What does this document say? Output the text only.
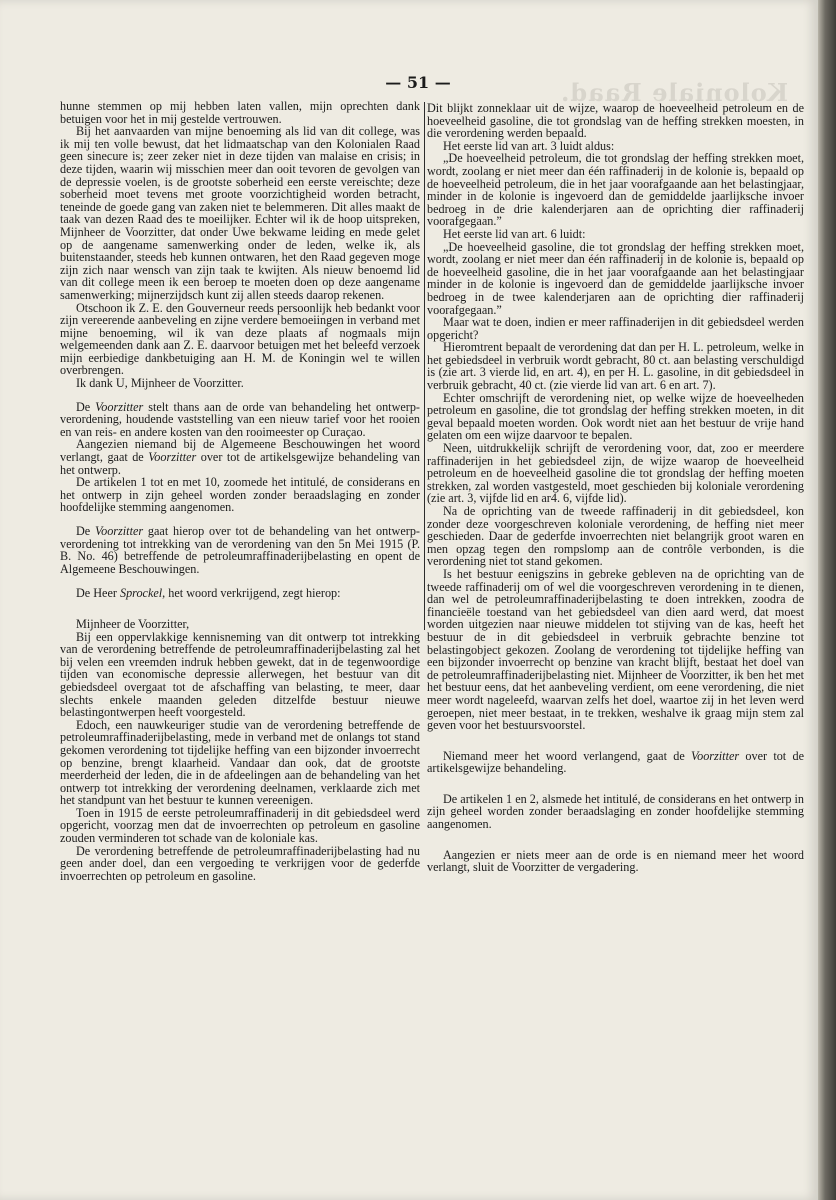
Koloniale Raad.
— 51 —

hunne stemmen op mij hebben laten vallen, mijn oprechten dank betuigen voor het in mij gestelde vertrouwen.

Bij het aanvaarden van mijne benoeming als lid van dit college, was ik mij ten volle bewust, dat het lidmaatschap van den Kolonialen Raad geen sinecure is; zeer zeker niet in deze tijden van malaise en crisis; in deze tijden, waarin wij misschien meer dan ooit tevoren de gevolgen van de depressie voelen, is de grootste soberheid een eerste vereischte; deze soberheid moet tevens met groote voorzichtigheid worden betracht, teneinde de goede gang van zaken niet te belemmeren. Dit alles maakt de taak van dezen Raad des te moeilijker. Echter wil ik de hoop uitspreken, Mijnheer de Voorzitter, dat onder Uwe bekwame leiding en mede gelet op de aangename samenwerking onder de leden, welke ik, als buitenstaander, steeds heb kunnen ontwaren, het den Raad gegeven moge zijn zich naar wensch van zijn taak te kwijten. Als nieuw benoemd lid van dit college meen ik een beroep te moeten doen op deze aangename samenwerking; mijnerzijdsch kunt zij allen steeds daarop rekenen.

Otschoon ik Z. E. den Gouverneur reeds persoonlijk heb bedankt voor zijn vereerende aanbeveling en zijne verdere bemoeiingen in verband met mijne benoeming, wil ik van deze plaats af nogmaals mijn welgemeenden dank aan Z. E. daarvoor betuigen met het beleefd verzoek mijn eerbiedige dankbetuiging aan H. M. de Koningin wel te willen overbrengen.

Ik dank U, Mijnheer de Voorzitter.

De Voorzitter stelt thans aan de orde van behandeling het ontwerp-verordening, houdende vaststelling van een nieuw tarief voor het rooien en van reis- en andere kosten van den rooimeester op Curaçao.

Aangezien niemand bij de Algemeene Beschouwingen het woord verlangt, gaat de Voorzitter over tot de artikelsgewijze behandeling van het ontwerp.

De artikelen 1 tot en met 10, zoomede het intitulé, de considerans en het ontwerp in zijn geheel worden zonder beraadslaging en zonder hoofdelijke stemming aangenomen.

De Voorzitter gaat hierop over tot de behandeling van het ontwerp-verordening tot intrekking van de verordening van den 5n Mei 1915 (P. B. No. 46) betreffende de petroleumraffinaderijbelasting en opent de Algemeene Beschouwingen.

De Heer Sprockel, het woord verkrijgend, zegt hierop:

Mijnheer de Voorzitter,

Bij een oppervlakkige kennisneming van dit ontwerp tot intrekking van de verordening betreffende de petroleumraffinaderijbelasting zal het bij velen een vreemden indruk hebben gewekt, dat in de tegenwoordige tijden van economische depressie allerwegen, het bestuur van dit gebiedsdeel overgaat tot de afschaffing van belasting, te meer, daar slechts enkele maanden geleden ditzelfde bestuur nieuwe belastingontwerpen heeft voorgesteld.

Edoch, een nauwkeuriger studie van de verordening betreffende de petroleumraffinaderijbelasting, mede in verband met de onlangs tot stand gekomen verordening tot tijdelijke heffing van een bijzonder invoerrecht op benzine, brengt klaarheid. Vandaar dan ook, dat de grootste meerderheid der leden, die in de afdeelingen aan de behandeling van het ontwerp tot intrekking der verordening deelnamen, verklaarde zich met het standpunt van het bestuur te kunnen vereenigen.

Toen in 1915 de eerste petroleumraffinaderij in dit gebiedsdeel werd opgericht, voorzag men dat de invoerrechten op petroleum en gasoline zouden verminderen tot schade van de koloniale kas.

De verordening betreffende de petroleumraffinaderijbelasting had nu geen ander doel, dan een vergoeding te verkrijgen voor de gederfde invoerrechten op petroleum en gasoline.

Dit blijkt zonneklaar uit de wijze, waarop de hoeveelheid petroleum en de hoeveelheid gasoline, die tot grondslag van de heffing strekken moesten, in die verordening werden bepaald.

Het eerste lid van art. 3 luidt aldus:

„De hoeveelheid petroleum, die tot grondslag der heffing strekken moet, wordt, zoolang er niet meer dan één raffinaderij in de kolonie is, bepaald op de hoeveelheid petroleum, die in het jaar voorafgaande aan het belastingjaar, minder in de kolonie is ingevoerd dan de gemiddelde jaarlijksche invoer bedroeg in de drie kalenderjaren aan de oprichting dier raffinaderij voorafgegaan.”

Het eerste lid van art. 6 luidt:

„De hoeveelheid gasoline, die tot grondslag der heffing strekken moet, wordt, zoolang er niet meer dan één raffinaderij in de kolonie is, bepaald op de hoeveelheid gasoline, die in het jaar voorafgaande aan het belastingjaar minder in de kolonie is ingevoerd dan de gemiddelde jaarlijksche invoer bedroeg in de twee kalenderjaren aan de oprichting dier raffinaderij voorafgegaan.”

Maar wat te doen, indien er meer raffinaderijen in dit gebiedsdeel werden opgericht?

Hieromtrent bepaalt de verordening dat dan per H. L. petroleum, welke in het gebiedsdeel in verbruik wordt gebracht, 80 ct. aan belasting verschuldigd is (zie art. 3 vierde lid, en art. 4), en per H. L. gasoline, in dit gebiedsdeel in verbruik gebracht, 40 ct. (zie vierde lid van art. 6 en art. 7).

Echter omschrijft de verordening niet, op welke wijze de hoeveelheden petroleum en gasoline, die tot grondslag der heffing strekken moeten, in dit geval bepaald moeten worden. Ook wordt niet aan het bestuur de vrije hand gelaten om een wijze daarvoor te bepalen.

Neen, uitdrukkelijk schrijft de verordening voor, dat, zoo er meerdere raffinaderijen in het gebiedsdeel zijn, de wijze waarop de hoeveelheid petroleum en de hoeveelheid gasoline die tot grondslag der heffing moeten strekken, zal worden vastgesteld, moet geschieden bij koloniale verordening (zie art. 3, vijfde lid en ar4. 6, vijfde lid).

Na de oprichting van de tweede raffinaderij in dit gebiedsdeel, kon zonder deze voorgeschreven koloniale verordening, de heffing niet meer geschieden. Daar de gederfde invoerrechten niet belangrijk groot waren en men opzag tegen den rompslomp aan de contrôle verbonden, is die verordening niet tot stand gekomen.

Is het bestuur eenigszins in gebreke gebleven na de oprichting van de tweede raffinaderij om of wel die voorgeschreven verordening in te dienen, dan wel de petroleumraffinaderijbelasting te doen intrekken, zoodra de financieële toestand van het gebiedsdeel van dien aard werd, dat moest worden uitgezien naar nieuwe middelen tot stijving van de kas, heeft het bestuur de in dit gebiedsdeel in verbruik gebrachte benzine tot belastingobject gekozen. Zoolang de verordening tot tijdelijke heffing van een bijzonder invoerrecht op benzine van kracht blijft, bestaat het doel van de petroleumraffinaderijbelasting niet. Mijnheer de Voorzitter, ik ben het met het bestuur eens, dat het aanbeveling verdient, om eene verordening, die niet meer wordt nageleefd, waarvan zelfs het doel, waartoe zij in het leven werd geroepen, niet meer bestaat, in te trekken, weshalve ik graag mijn stem zal geven voor het bestuursvoorstel.

Niemand meer het woord verlangend, gaat de Voorzitter over tot de artikelsgewijze behandeling.

De artikelen 1 en 2, alsmede het intitulé, de considerans en het ontwerp in zijn geheel worden zonder beraadslaging en zonder hoofdelijke stemming aangenomen.

Aangezien er niets meer aan de orde is en niemand meer het woord verlangt, sluit de Voorzitter de vergadering.
